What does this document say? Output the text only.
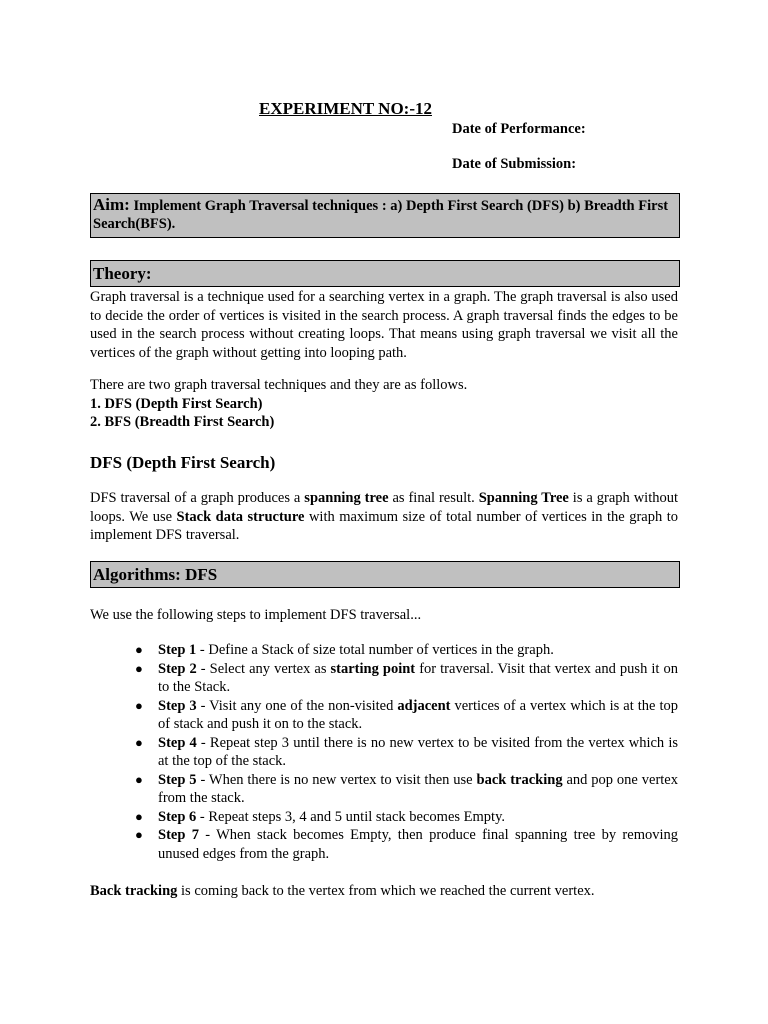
EXPERIMENT NO:-12
Date of Performance:
Date of Submission:
Aim: Implement Graph Traversal techniques : a) Depth First Search (DFS) b) Breadth First Search(BFS).
Theory:

Graph traversal is a technique used for a searching vertex in a graph. The graph traversal is also used to decide the order of vertices is visited in the search process. A graph traversal finds the edges to be used in the search process without creating loops. That means using graph traversal we visit all the vertices of the graph without getting into looping path.

There are two graph traversal techniques and they are as follows.

1. DFS (Depth First Search)

2. BFS (Breadth First Search)

DFS (Depth First Search)

DFS traversal of a graph produces a spanning tree as final result. Spanning Tree is a graph without loops. We use Stack data structure with maximum size of total number of vertices in the graph to implement DFS traversal.

Algorithms: DFS

We use the following steps to implement DFS traversal...

● Step 1 - Define a Stack of size total number of vertices in the graph.
● Step 2 - Select any vertex as starting point for traversal. Visit that vertex and push it on to the Stack.
● Step 3 - Visit any one of the non-visited adjacent vertices of a vertex which is at the top of stack and push it on to the stack.
● Step 4 - Repeat step 3 until there is no new vertex to be visited from the vertex which is at the top of the stack.
● Step 5 - When there is no new vertex to visit then use back tracking and pop one vertex from the stack.
● Step 6 - Repeat steps 3, 4 and 5 until stack becomes Empty.
● Step 7 - When stack becomes Empty, then produce final spanning tree by removing unused edges from the graph.

Back tracking is coming back to the vertex from which we reached the current vertex.
